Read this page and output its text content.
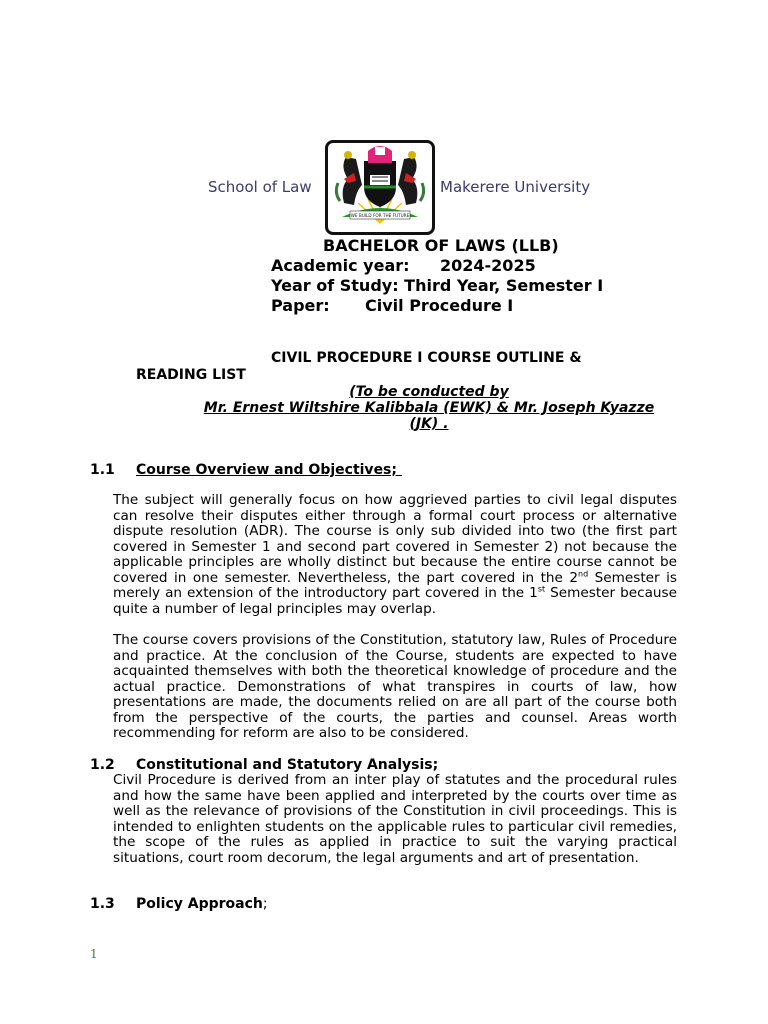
School of Law
WE BUILD FOR THE FUTURE
Makerere University
BACHELOR OF LAWS (LLB)
Academic year: 2024-2025
Year of Study: Third Year, Semester I
Paper: Civil Procedure I
CIVIL PROCEDURE I COURSE OUTLINE &
READING LIST
(To be conducted by
Mr. Ernest Wiltshire Kalibbala (EWK) & Mr. Joseph Kyazze
(JK) .
1.1 Course Overview and Objectives;
The subject will generally focus on how aggrieved parties to civil legal disputes can resolve their disputes either through a formal court process or alternative dispute resolution (ADR). The course is only sub divided into two (the first part covered in Semester 1 and second part covered in Semester 2) not because the applicable principles are wholly distinct but because the entire course cannot be covered in one semester. Nevertheless, the part covered in the 2nd Semester is merely an extension of the introductory part covered in the 1st Semester because quite a number of legal principles may overlap.
The course covers provisions of the Constitution, statutory law, Rules of Procedure and practice. At the conclusion of the Course, students are expected to have acquainted themselves with both the theoretical knowledge of procedure and the actual practice. Demonstrations of what transpires in courts of law, how presentations are made, the documents relied on are all part of the course both from the perspective of the courts, the parties and counsel. Areas worth recommending for reform are also to be considered.
1.2 Constitutional and Statutory Analysis;
Civil Procedure is derived from an inter play of statutes and the procedural rules and how the same have been applied and interpreted by the courts over time as well as the relevance of provisions of the Constitution in civil proceedings. This is intended to enlighten students on the applicable rules to particular civil remedies, the scope of the rules as applied in practice to suit the varying practical situations, court room decorum, the legal arguments and art of presentation.
1.3 Policy Approach;
1
